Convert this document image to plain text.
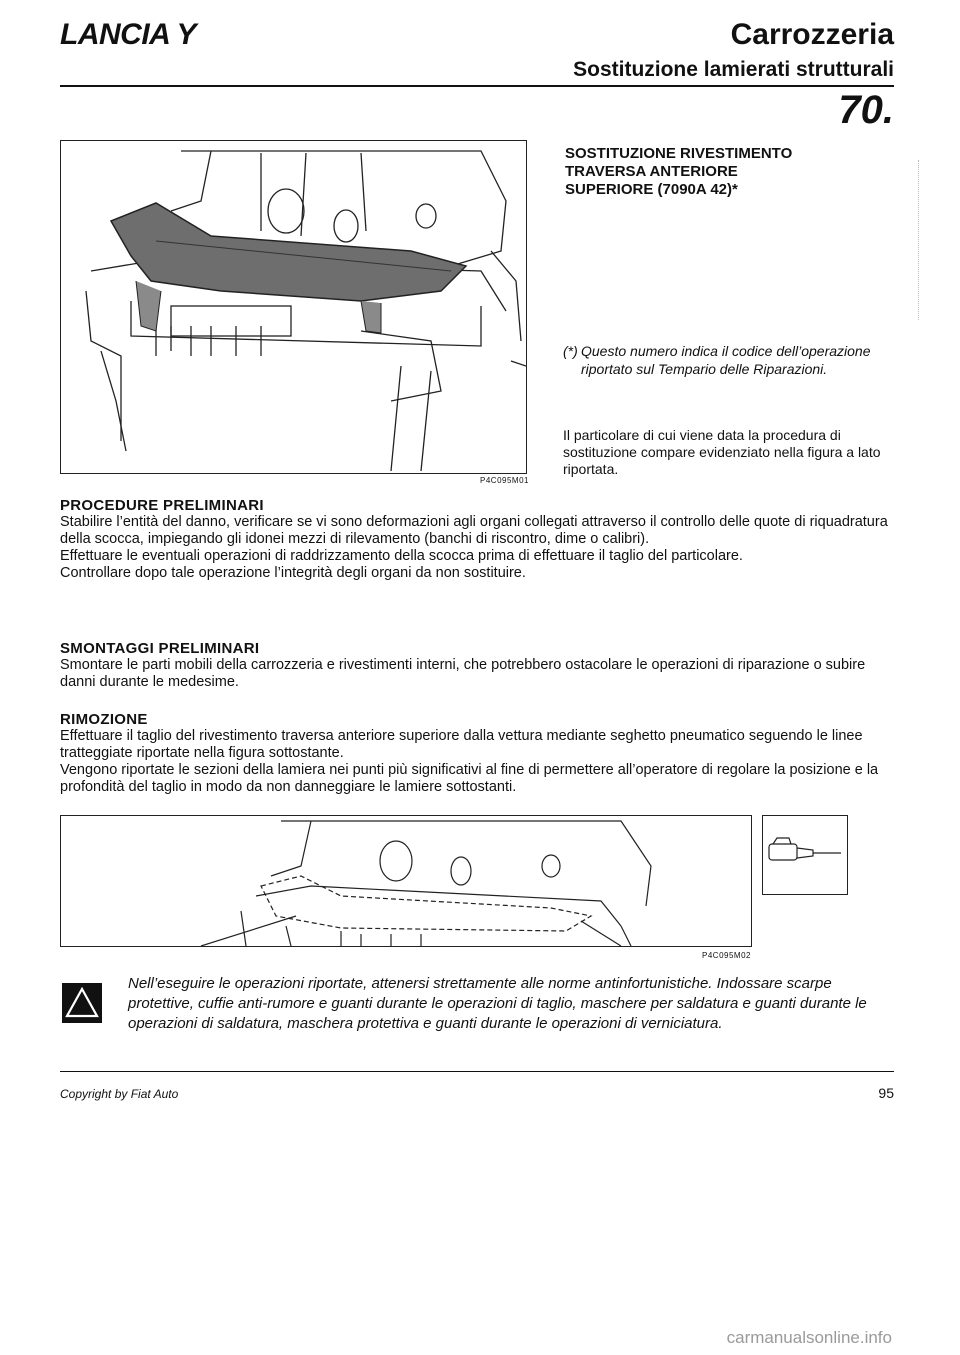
LANCIA Y	Carrozzeria
Sostituzione lamierati strutturali
70.
P4C095M01
SOSTITUZIONE RIVESTIMENTO
TRAVERSA ANTERIORE
SUPERIORE (7090A 42)*
(*) Questo numero indica il codice dell’operazione riportato sul Tempario delle Riparazioni.
Il particolare di cui viene data la procedura di sostituzione compare evidenziato nella figura a lato riportata.
PROCEDURE PRELIMINARI
Stabilire l’entità del danno, verificare se vi sono deformazioni agli organi collegati attraverso il controllo delle quote di riquadratura della scocca, impiegando gli idonei mezzi di rilevamento (banchi di riscontro, dime o calibri).
Effettuare le eventuali operazioni di raddrizzamento della scocca prima di effettuare il taglio del particolare.
Controllare dopo tale operazione l’integrità degli organi da non sostituire.
SMONTAGGI PRELIMINARI
Smontare le parti mobili della carrozzeria e rivestimenti interni, che potrebbero ostacolare le operazioni di riparazione o subire danni durante le medesime.
RIMOZIONE
Effettuare il taglio del rivestimento traversa anteriore superiore dalla vettura mediante seghetto pneumatico seguendo le linee tratteggiate riportate nella figura sottostante.
Vengono riportate le sezioni della lamiera nei punti più significativi al fine di permettere all’operatore di regolare la posizione e la profondità del taglio in modo da non danneggiare le lamiere sottostanti.
P4C095M02
Nell’eseguire le operazioni riportate, attenersi strettamente alle norme antinfortunistiche. Indossare scarpe protettive, cuffie anti-rumore e guanti durante le operazioni di taglio, maschere per saldatura e guanti durante le operazioni di saldatura, maschera protettiva e guanti durante le operazioni di verniciatura.
Copyright by Fiat Auto	95
carmanualsonline.info
